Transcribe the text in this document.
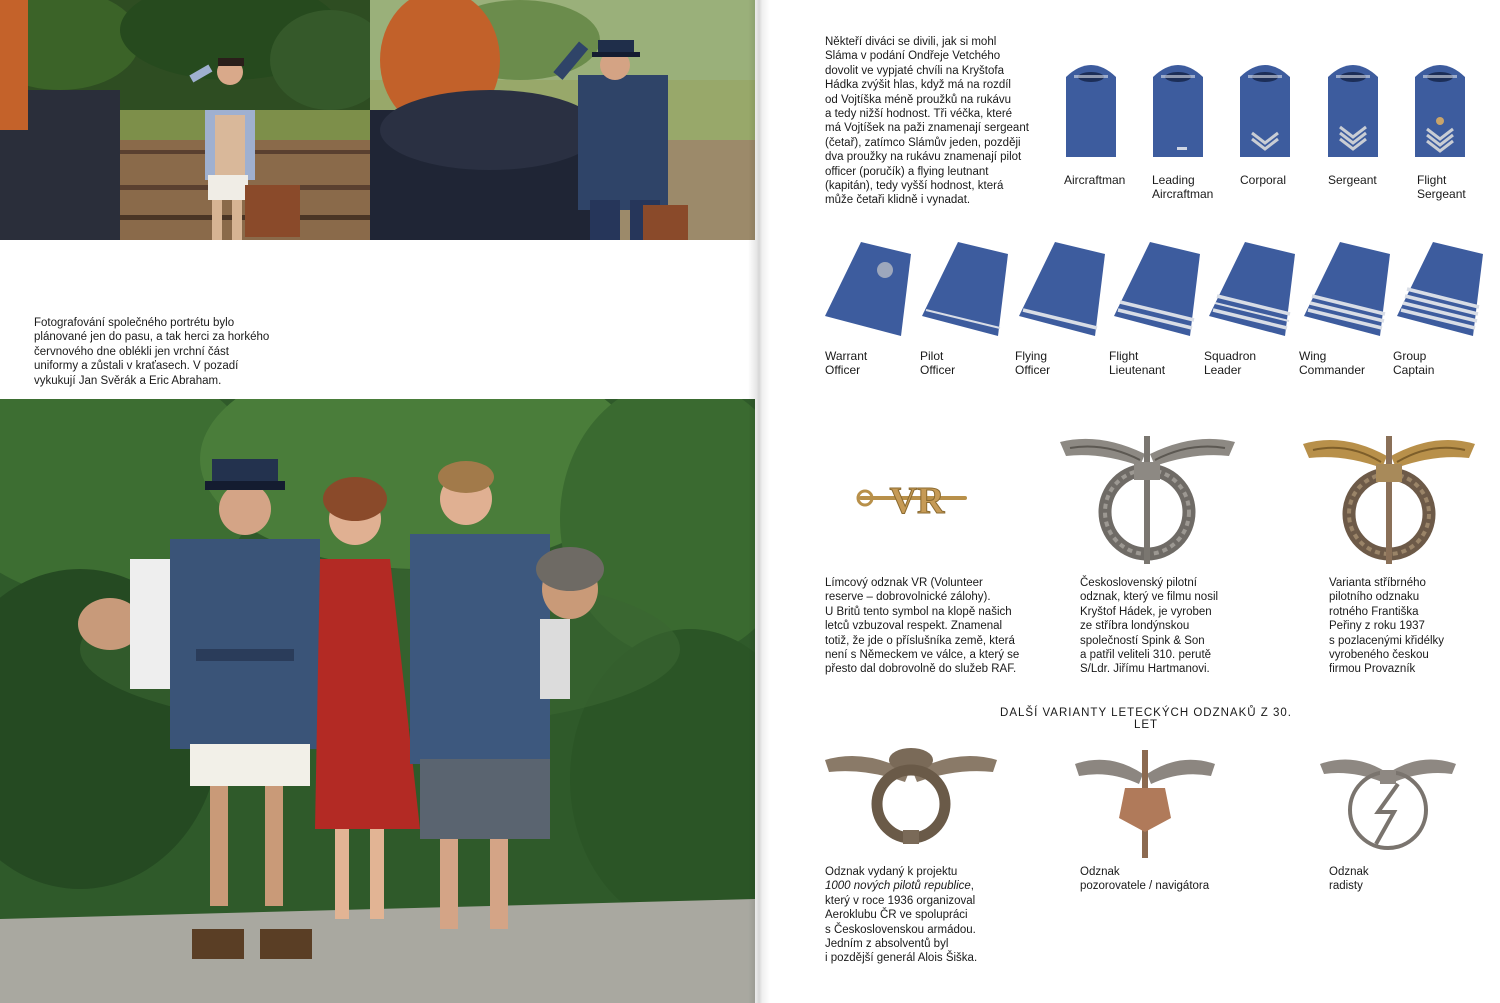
Fotografování společného portrétu bylo
plánované jen do pasu, a tak herci za horkého
červnového dne oblékli jen vrchní část
uniformy a zůstali v kraťasech. V pozadí
vykukují Jan Svěrák a Eric Abraham.

Někteří diváci se divili, jak si mohl
Sláma v podání Ondřeje Vetchého
dovolit ve vypjaté chvíli na Kryštofa
Hádka zvýšit hlas, když má na rozdíl
od Vojtíška méně proužků na rukávu
a tedy nižší hodnost. Tři véčka, které
má Vojtíšek na paži znamenají sergeant
(četař), zatímco Slámův jeden, později
dva proužky na rukávu znamenají pilot
officer (poručík) a flying leutnant
(kapitán), tedy vyšší hodnost, která
může četaři klidně i vynadat.

Aircraftman Leading
Aircraftman
Corporal	Sergeant	Flight
Sergeant
Warrant
Officer
Pilot
Officer
Flying
Officer
Flight
Lieutenant
Squadron
Leader
Wing
Commander
Group
Captain
VR

Límcový odznak VR (Volunteer
reserve – dobrovolnické zálohy).
U Britů tento symbol na klopě našich
letců vzbuzoval respekt. Znamenal
totiž, že jde o příslušníka země, která
není s Německem ve válce, a který se
přesto dal dobrovolně do služeb RAF.

Československý pilotní
odznak, který ve filmu nosil
Kryštof Hádek, je vyroben
ze stříbra londýnskou
společností Spink & Son
a patřil veliteli 310. perutě
S/Ldr. Jiřímu Hartmanovi.

Varianta stříbrného
pilotního odznaku
rotného Františka
Peřiny z roku 1937
s pozlacenými křidélky
vyrobeného českou
firmou Provazník

DALŠÍ VARIANTY LETECKÝCH ODZNAKŮ Z 30. LET

Odznak vydaný k projektu

1000 nových pilotů republice,
který v roce 1936 organizoval
Aeroklubu ČR ve spolupráci
s Československou armádou.
Jedním z absolventů byl
i pozdější generál Alois Šiška.

Odznak
pozorovatele / navigátora

Odznak
radisty
